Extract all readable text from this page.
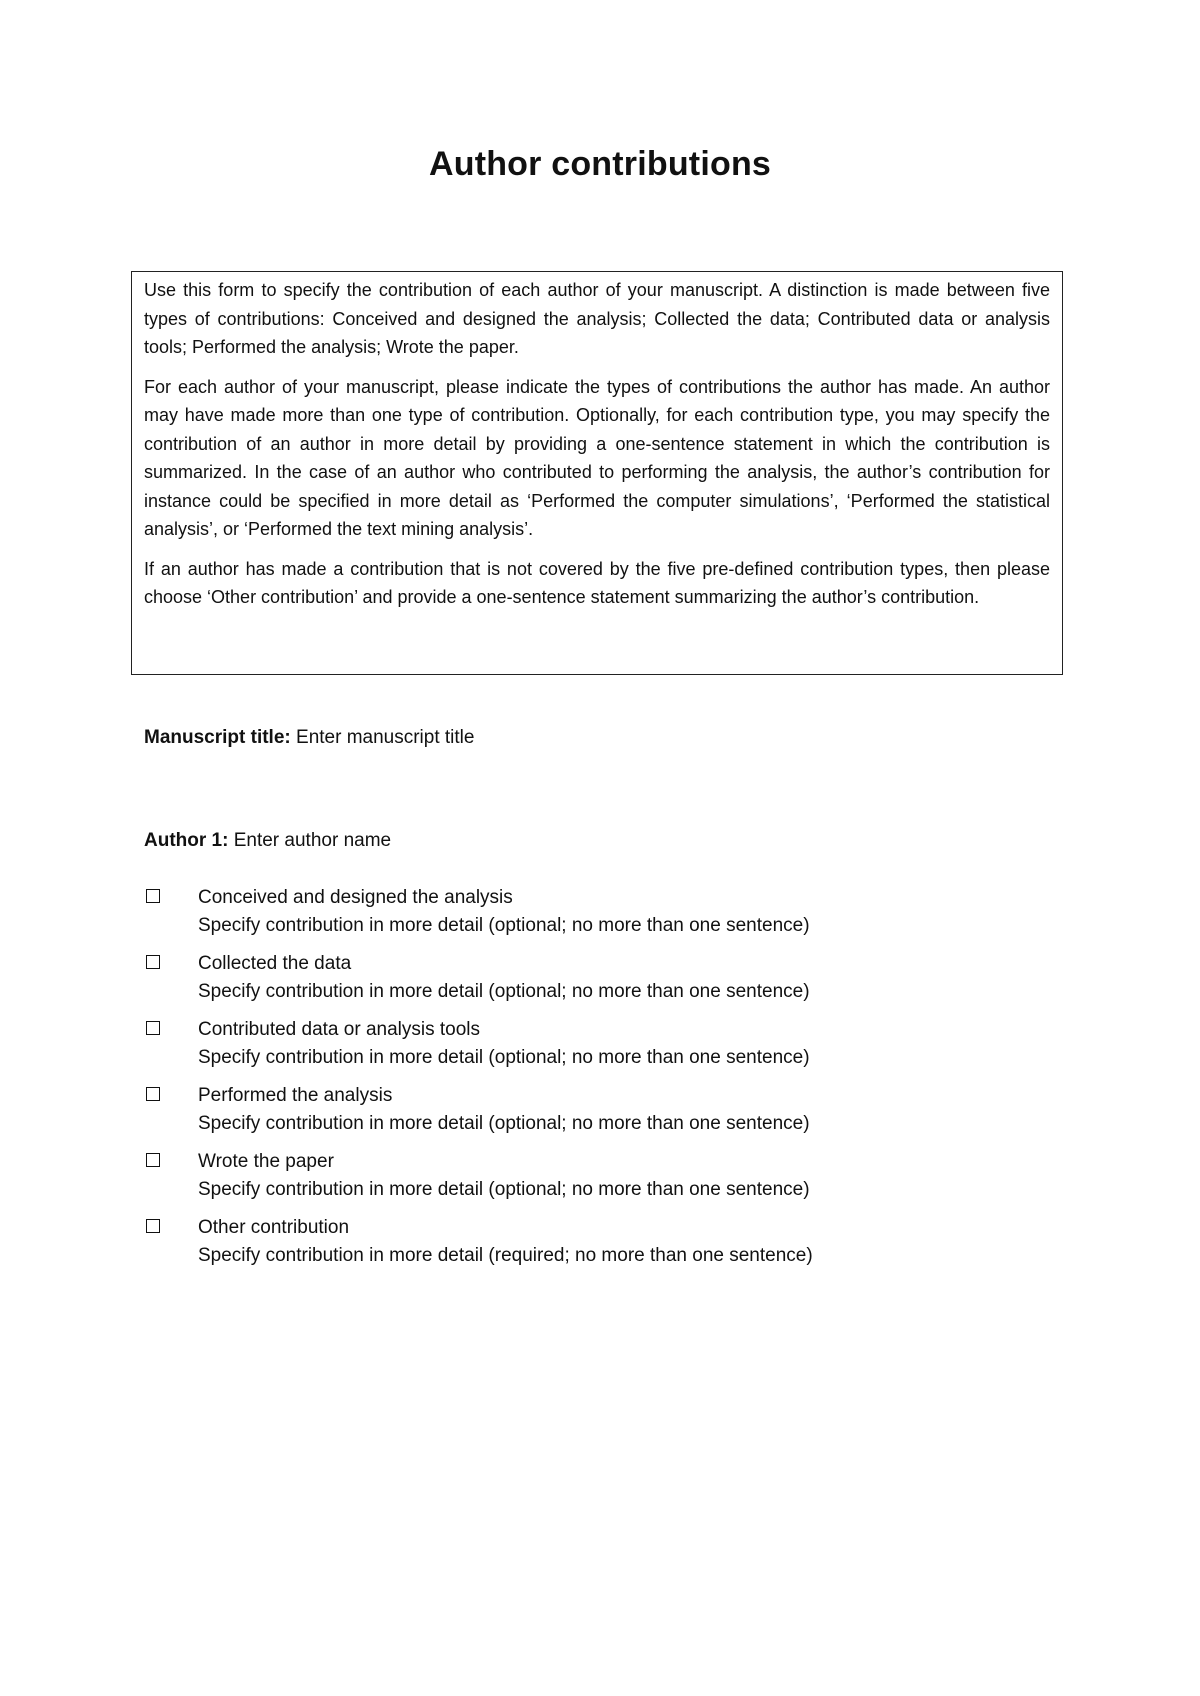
Author contributions

Use this form to specify the contribution of each author of your manuscript. A distinction is made between five types of contributions: Conceived and designed the analysis; Collected the data; Contributed data or analysis tools; Performed the analysis; Wrote the paper.

For each author of your manuscript, please indicate the types of contributions the author has made. An author may have made more than one type of contribution. Optionally, for each contribution type, you may specify the contribution of an author in more detail by providing a one-sentence statement in which the contribution is summarized. In the case of an author who contributed to performing the analysis, the author’s contribution for instance could be specified in more detail as ‘Performed the computer simulations’, ‘Performed the statistical analysis’, or ‘Performed the text mining analysis’.

If an author has made a contribution that is not covered by the five pre-defined contribution types, then please choose ‘Other contribution’ and provide a one-sentence statement summarizing the author’s contribution.

Manuscript title: Enter manuscript title
Author 1: Enter author name
Conceived and designed the analysis
Specify contribution in more detail (optional; no more than one sentence)
Collected the data
Specify contribution in more detail (optional; no more than one sentence)
Contributed data or analysis tools
Specify contribution in more detail (optional; no more than one sentence)
Performed the analysis
Specify contribution in more detail (optional; no more than one sentence)
Wrote the paper
Specify contribution in more detail (optional; no more than one sentence)
Other contribution
Specify contribution in more detail (required; no more than one sentence)
